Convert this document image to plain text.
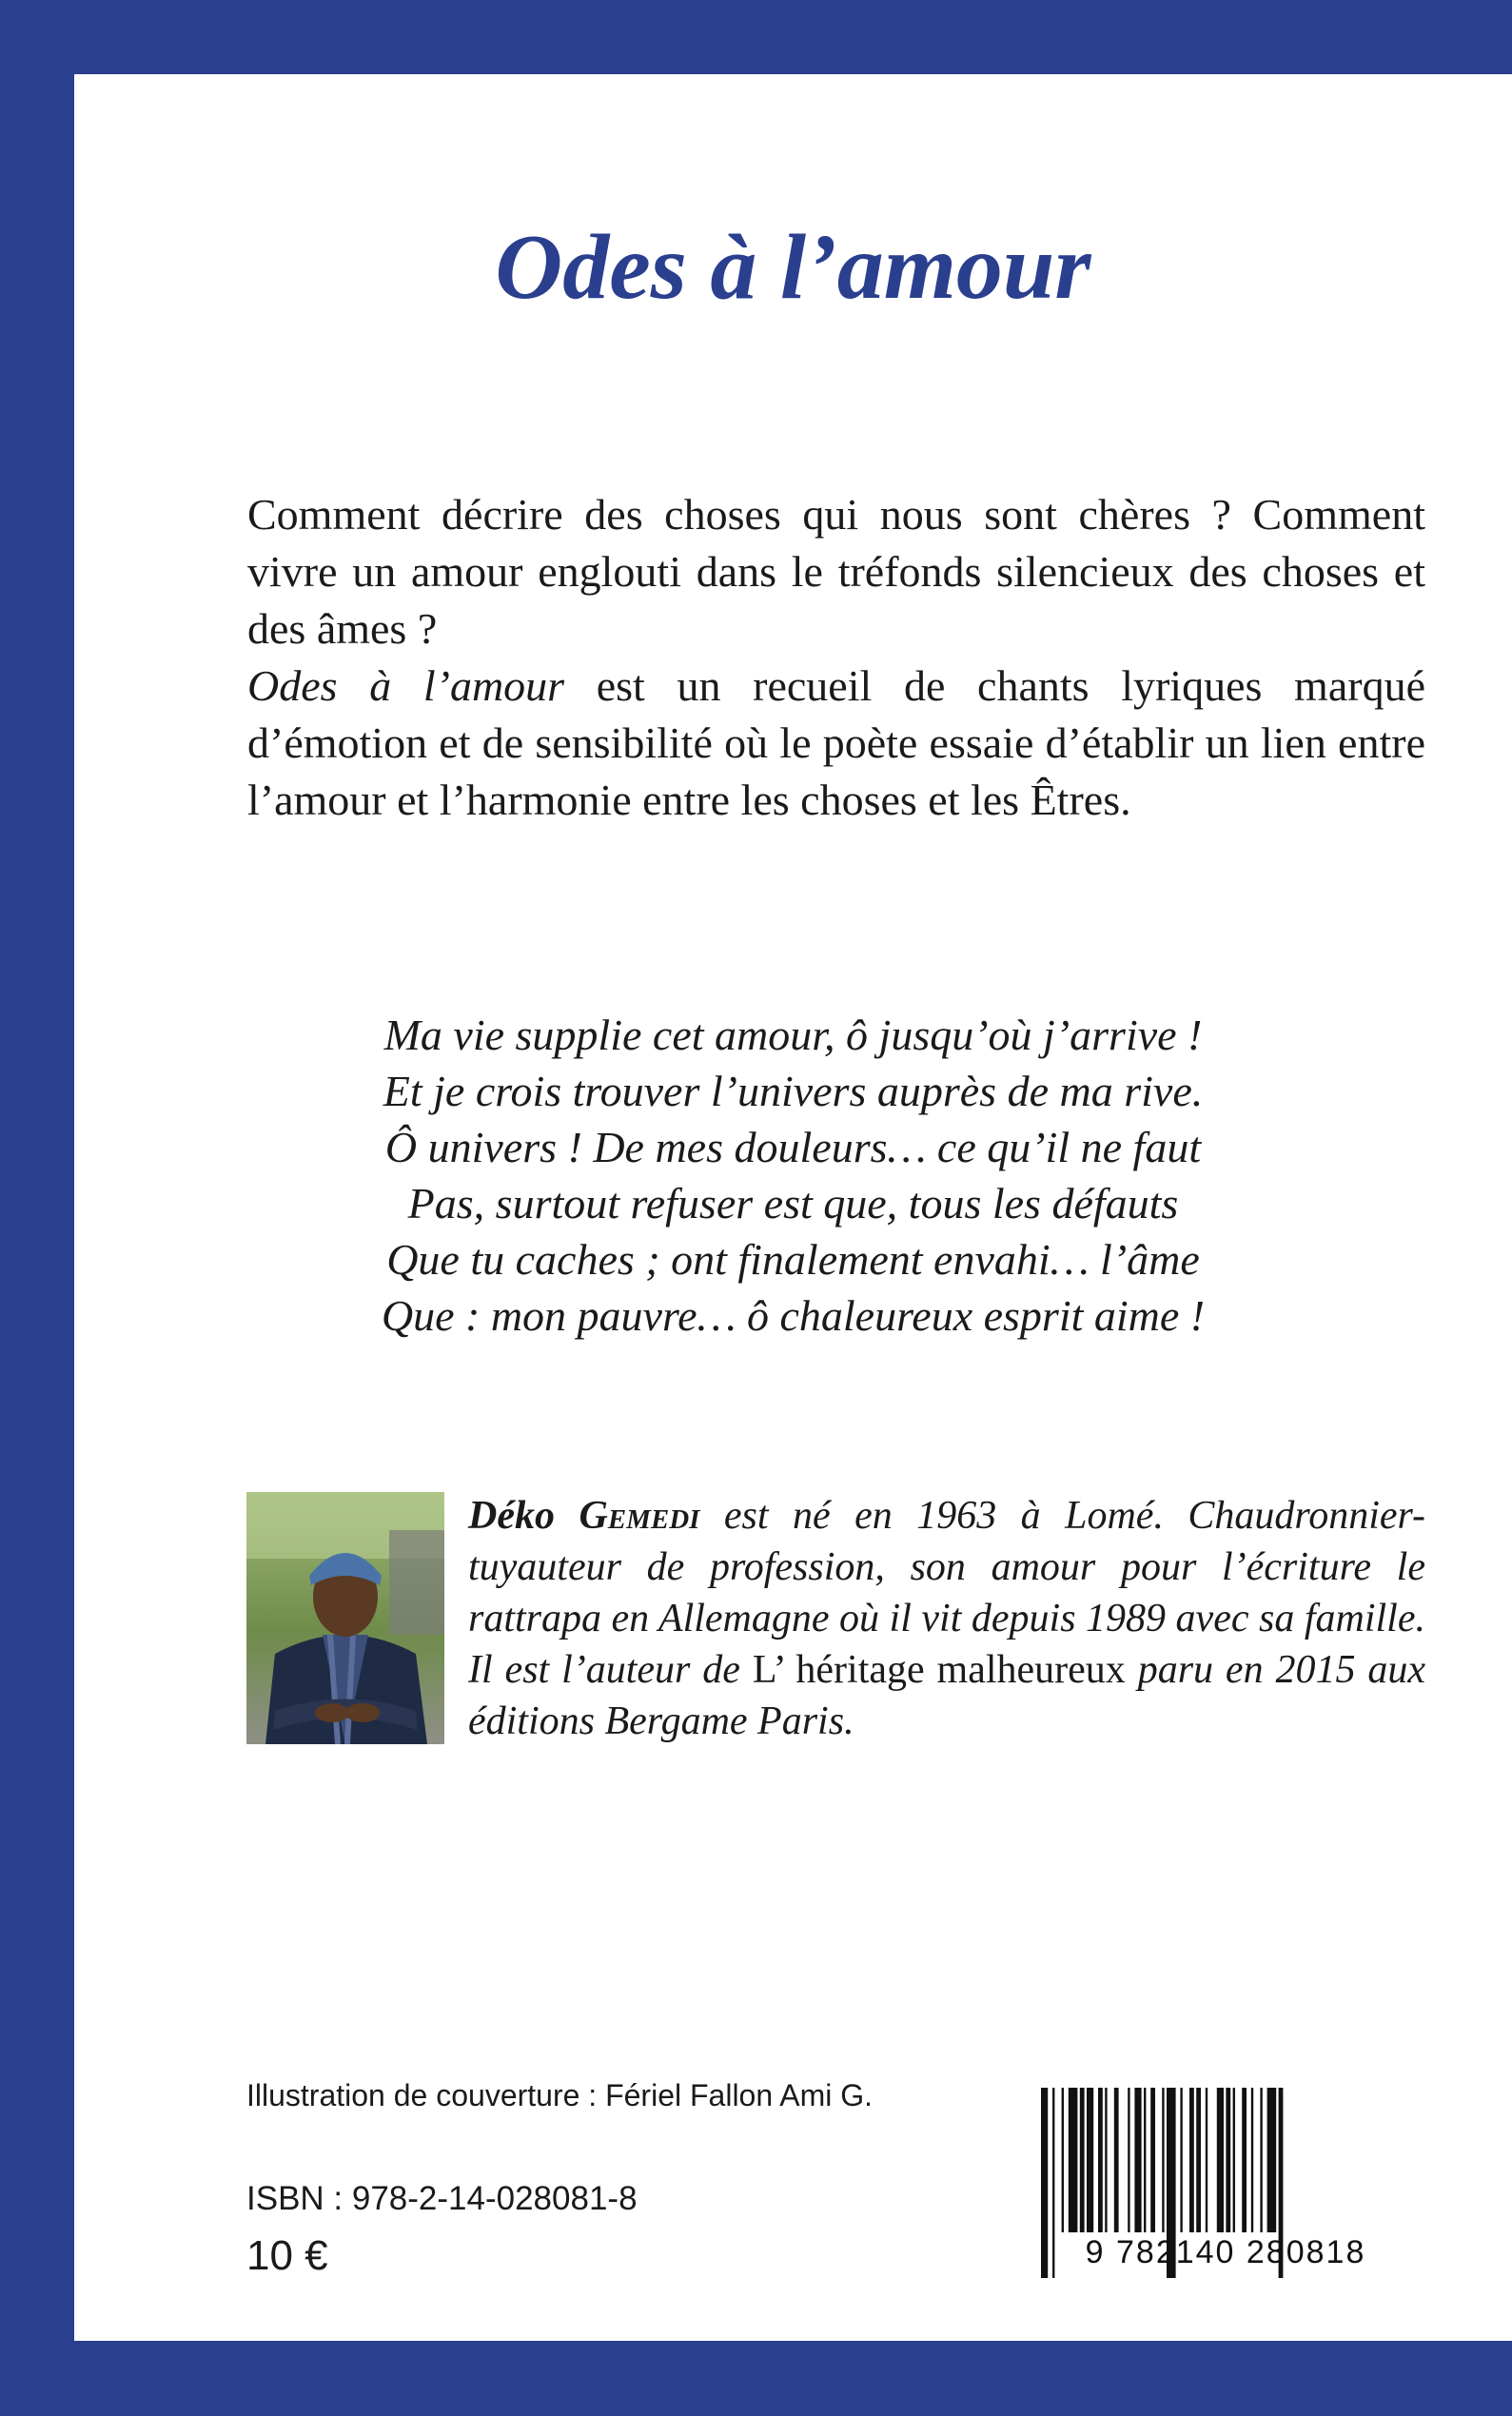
Odes à l’amour

Comment décrire des choses qui nous sont chères ? Comment vivre un amour englouti dans le tréfonds silencieux des choses et des âmes ?

Odes à l’amour est un recueil de chants lyriques marqué d’émotion et de sensibilité où le poète essaie d’établir un lien entre l’amour et l’harmonie entre les choses et les Êtres.

Ma vie supplie cet amour, ô jusqu’où j’arrive !
Et je crois trouver l’univers auprès de ma rive.
Ô univers ! De mes douleurs… ce qu’il ne faut
Pas, surtout refuser est que, tous les défauts
Que tu caches ; ont finalement envahi… l’âme
Que : mon pauvre… ô chaleureux esprit aime !
Déko Gemedi est né en 1963 à Lomé. Chaudronnier-tuyauteur de profession, son amour pour l’écriture le rattrapa en Allemagne où il vit depuis 1989 avec sa famille. Il est l’auteur de L’ héritage malheureux paru en 2015 aux éditions Bergame Paris.
Illustration de couverture : Fériel Fallon Ami G.
ISBN : 978-2-14-028081-8
10 €	9 782140 280818
